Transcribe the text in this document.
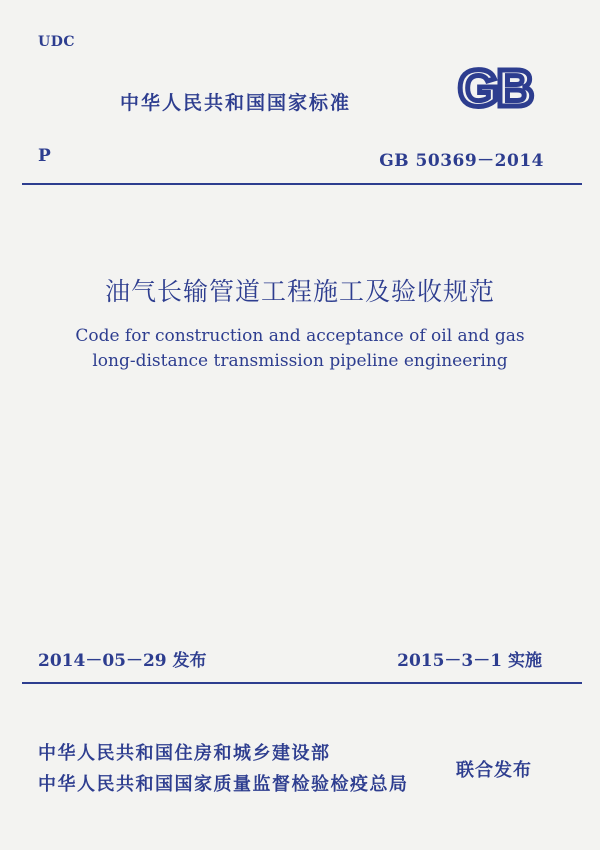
UDC
中华人民共和国国家标准 GB
P	GB 50369－2014
油气长输管道工程施工及验收规范
Code for construction and acceptance of oil and gas
long-distance transmission pipeline engineering
2014－05－29 发布	2015－3－1 实施
中华人民共和国住房和城乡建设部
中华人民共和国国家质量监督检验检疫总局
联合发布
